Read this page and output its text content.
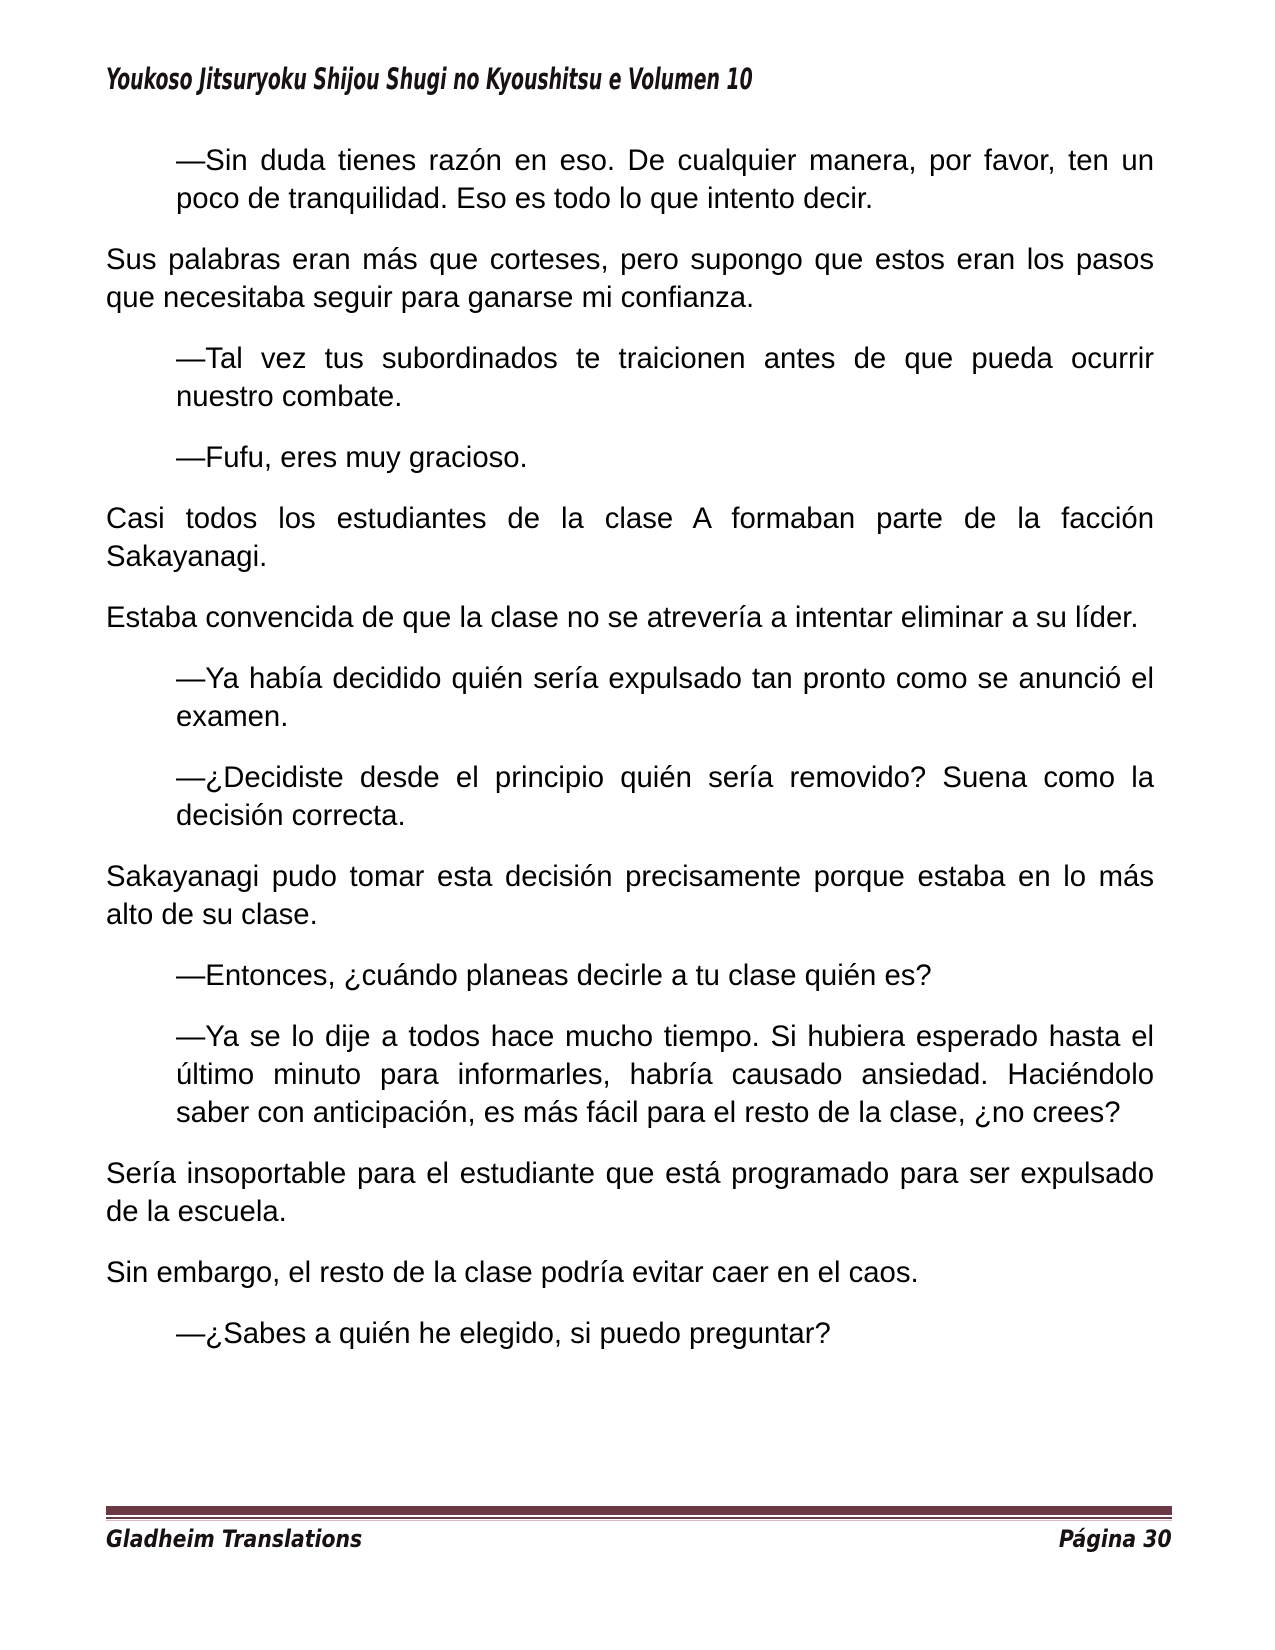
Youkoso Jitsuryoku Shijou Shugi no Kyoushitsu e Volumen 10

—Sin duda tienes razón en eso. De cualquier manera, por favor, ten un poco de tranquilidad. Eso es todo lo que intento decir.

Sus palabras eran más que corteses, pero supongo que estos eran los pasos que necesitaba seguir para ganarse mi confianza.

—Tal vez tus subordinados te traicionen antes de que pueda ocurrir nuestro combate.

—Fufu, eres muy gracioso.

Casi todos los estudiantes de la clase A formaban parte de la facción Sakayanagi.

Estaba convencida de que la clase no se atrevería a intentar eliminar a su líder.

—Ya había decidido quién sería expulsado tan pronto como se anunció el examen.

—¿Decidiste desde el principio quién sería removido? Suena como la decisión correcta.

Sakayanagi pudo tomar esta decisión precisamente porque estaba en lo más alto de su clase.

—Entonces, ¿cuándo planeas decirle a tu clase quién es?

—Ya se lo dije a todos hace mucho tiempo. Si hubiera esperado hasta el último minuto para informarles, habría causado ansiedad. Haciéndolo saber con anticipación, es más fácil para el resto de la clase, ¿no crees?

Sería insoportable para el estudiante que está programado para ser expulsado de la escuela.

Sin embargo, el resto de la clase podría evitar caer en el caos.

—¿Sabes a quién he elegido, si puedo preguntar?

Gladheim Translations	Página 30
